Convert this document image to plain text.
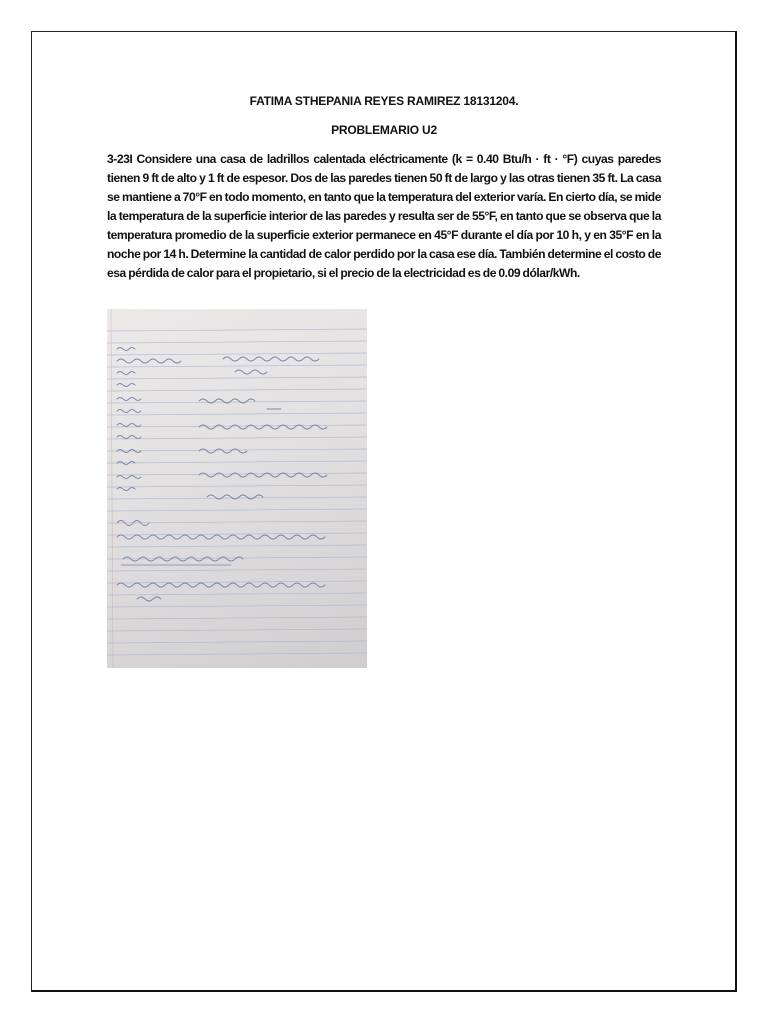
FATIMA STHEPANIA REYES RAMIREZ 18131204.
PROBLEMARIO U2

3-23I Considere una casa de ladrillos calentada eléctricamente (k = 0.40 Btu/h · ft · °F) cuyas paredes tienen 9 ft de alto y 1 ft de espesor. Dos de las paredes tienen 50 ft de largo y las otras tienen 35 ft. La casa se mantiene a 70°F en todo momento, en tanto que la temperatura del exterior varía. En cierto día, se mide la temperatura de la superficie interior de las paredes y resulta ser de 55°F, en tanto que se observa que la temperatura promedio de la superficie exterior permanece en 45°F durante el día por 10 h, y en 35°F en la noche por 14 h. Determine la cantidad de calor perdido por la casa ese día. También determine el costo de esa pérdida de calor para el propietario, si el precio de la electricidad es de 0.09 dólar/kWh.
